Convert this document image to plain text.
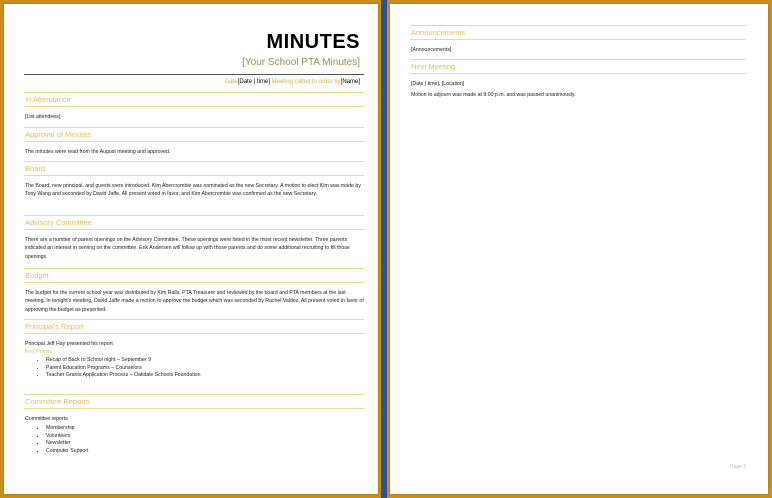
MINUTES
[Your School PTA Minutes]
Date[Date | time] Meeting called to order by[Name]
In Attendance
[List attendees]
Approval of Minutes
The minutes were read from the August meeting and approved.
Board
The Board, new principal, and guests were introduced. Kim Abercrombie was nominated as the new Secretary. A motion to elect Kim was made by Tony Wang and seconded by David Jaffe. All present voted in favor, and Kim Abercrombie was confirmed as the new Secretary.
Advisory Committee
There are a number of parent openings on the Advisory Committee. These openings were listed in the most recent newsletter. Three parents indicated an interest in serving on the committee. Erik Andersen will follow up with those parents and do some additional recruiting to fill those openings.
Budget
The budget for the current school year was distributed by Kim Ralls, PTA Treasurer and reviewed by the board and PTA members at the last meeting. In tonight's meeting, David Jaffe made a motion to approve the budget which was seconded by Rachel Valdez. All present voted in favor of approving the budget as presented.
Principal's Report
Principal Jeff Hay presented his report
Key Points
• Recap of Back to School night – September 9
• Parent Education Programs – Counselors
• Teacher Grants Application Process – Oakdale Schools Foundation
Committee Reports
Committee reports
• Membership
• Volunteers
• Newsletter
• Computer Support
Announcements
[Announcements]
Next Meeting
[Date | time], [Location]
Motion to adjourn was made at 9:00 p.m. and was passed unanimously.
Page 2
